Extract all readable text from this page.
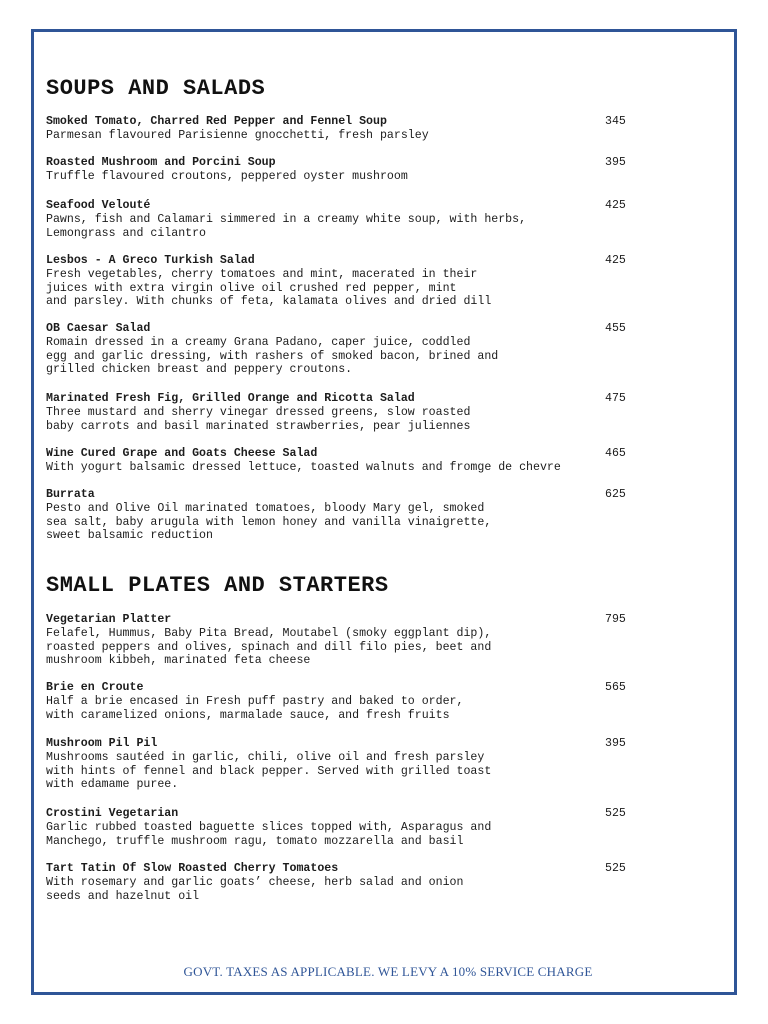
SOUPS AND SALADS
Smoked Tomato, Charred Red Pepper and Fennel Soup
Parmesan flavoured Parisienne gnocchetti, fresh parsley
345
Roasted Mushroom and Porcini Soup
Truffle flavoured croutons, peppered oyster mushroom
395
Seafood Velouté
Pawns, fish and Calamari simmered in a creamy white soup, with herbs,
Lemongrass and cilantro
425
Lesbos - A Greco Turkish Salad
Fresh vegetables, cherry tomatoes and mint, macerated in their
juices with extra virgin olive oil crushed red pepper, mint
and parsley. With chunks of feta, kalamata olives and dried dill
425
OB Caesar Salad
Romain dressed in a creamy Grana Padano, caper juice, coddled
egg and garlic dressing, with rashers of smoked bacon, brined and
grilled chicken breast and peppery croutons.
455
Marinated Fresh Fig, Grilled Orange and Ricotta Salad
Three mustard and sherry vinegar dressed greens, slow roasted
baby carrots and basil marinated strawberries, pear juliennes
475
Wine Cured Grape and Goats Cheese Salad
With yogurt balsamic dressed lettuce, toasted walnuts and fromge de chevre
465
Burrata
Pesto and Olive Oil marinated tomatoes, bloody Mary gel, smoked
sea salt, baby arugula with lemon honey and vanilla vinaigrette,
sweet balsamic reduction
625
SMALL PLATES AND STARTERS
Vegetarian Platter
Felafel, Hummus, Baby Pita Bread, Moutabel (smoky eggplant dip),
roasted peppers and olives, spinach and dill filo pies, beet and
mushroom kibbeh, marinated feta cheese
795
Brie en Croute
Half a brie encased in Fresh puff pastry and baked to order,
with caramelized onions, marmalade sauce, and fresh fruits
565
Mushroom Pil Pil
Mushrooms sautéed in garlic, chili, olive oil and fresh parsley
with hints of fennel and black pepper. Served with grilled toast
with edamame puree.
395
Crostini Vegetarian
Garlic rubbed toasted baguette slices topped with, Asparagus and
Manchego, truffle mushroom ragu, tomato mozzarella and basil
525
Tart Tatin Of Slow Roasted Cherry Tomatoes
With rosemary and garlic goats’ cheese, herb salad and onion
seeds and hazelnut oil
525
GOVT. TAXES AS APPLICABLE. WE LEVY A 10% SERVICE CHARGE
